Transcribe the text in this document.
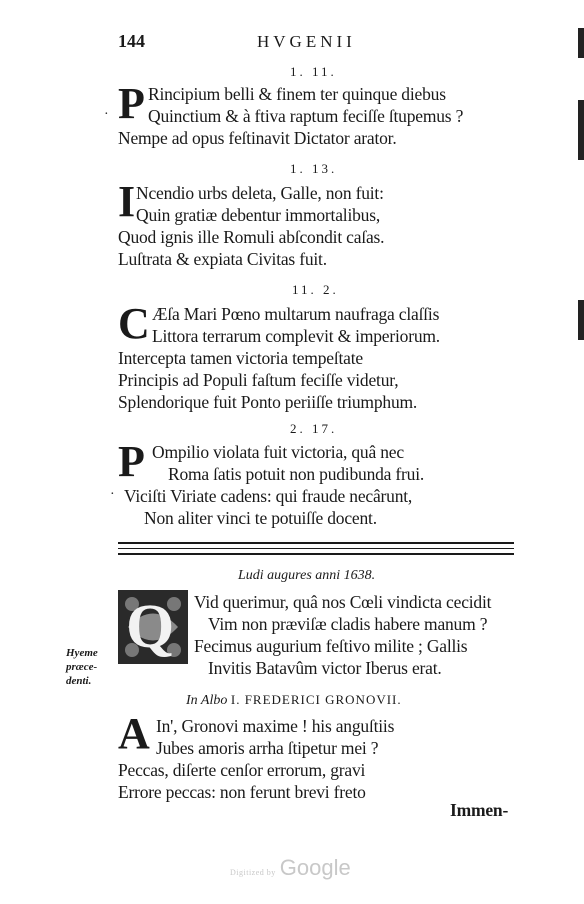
144	HVGENII
1. 11.
P Rincipium belli & finem ter quinque diebus
· Quinctium & à ftiva raptum feciſſe ſtupemus ?
Nempe ad opus feſtinavit Dictator arator.
1. 13.
I Ncendio urbs deleta, Galle, non fuit:
Quin gratiæ debentur immortalibus,
Quod ignis ille Romuli abſcondit caſas.
Luſtrata & expiata Civitas fuit.
11. 2.
C Æſa Mari Pœno multarum naufraga claſſis
Littora terrarum complevit & imperiorum.
Intercepta tamen victoria tempeſtate
Principis ad Populi faſtum feciſſe videtur,
Splendorique fuit Ponto periiſſe triumphum.
2. 17.
P Ompilio violata fuit victoria, quâ nec
Roma ſatis potuit non pudibunda frui.
· Viciſti Viriate cadens: qui fraude necârunt,
Non aliter vinci te potuiſſe docent.
Ludi augures anni 1638.
Q Vid querimur, quâ nos Cœli vindicta cecidit
Vim non præviſæ cladis habere manum ?
Fecimus augurium feſtivo milite ; Gallis
Invitis Batavûm victor Iberus erat.
Hyeme
præce-
denti.
In Albo I. FREDERICI GRONOVII.
A In', Gronovi maxime ! his anguſtiis
Jubes amoris arrha ſtipetur mei ?
Peccas, diſerte cenſor errorum, gravi
Errore peccas: non ferunt brevi freto
Immen-
Digitized by Google
